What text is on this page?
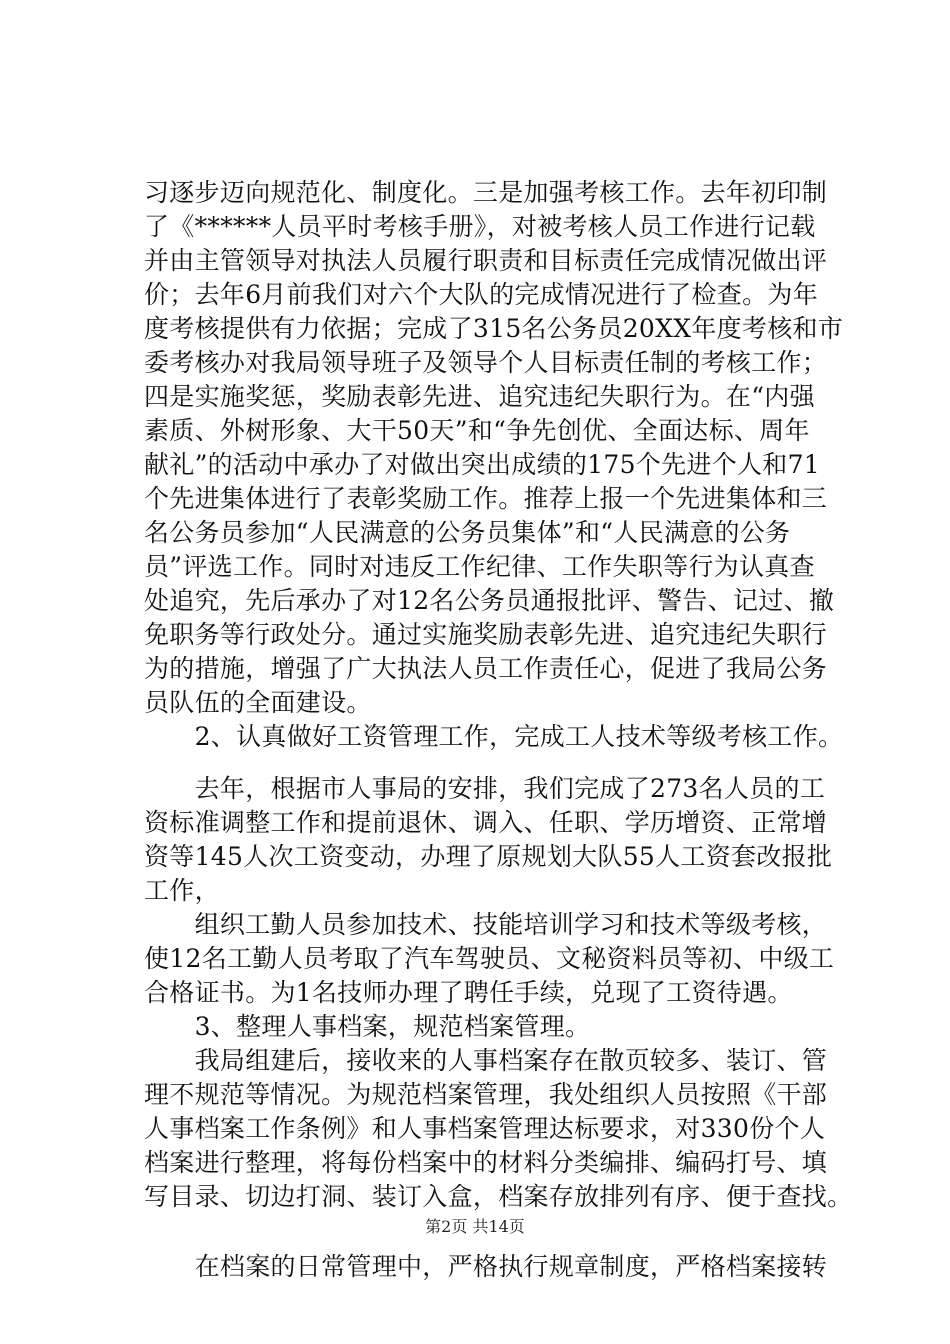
习逐步迈向规范化、制度化。三是加强考核工作。去年初印制
了《******人员平时考核手册》，对被考核人员工作进行记载
并由主管领导对执法人员履行职责和目标责任完成情况做出评
价；去年6月前我们对六个大队的完成情况进行了检查。为年
度考核提供有力依据；完成了315名公务员20XX年度考核和市
委考核办对我局领导班子及领导个人目标责任制的考核工作；
四是实施奖惩，奖励表彰先进、追究违纪失职行为。在“内强
素质、外树形象、大干50天”和“争先创优、全面达标、周年
献礼”的活动中承办了对做出突出成绩的175个先进个人和71
个先进集体进行了表彰奖励工作。推荐上报一个先进集体和三
名公务员参加“人民满意的公务员集体”和“人民满意的公务
员”评选工作。同时对违反工作纪律、工作失职等行为认真查
处追究，先后承办了对12名公务员通报批评、警告、记过、撤
免职务等行政处分。通过实施奖励表彰先进、追究违纪失职行
为的措施，增强了广大执法人员工作责任心，促进了我局公务
员队伍的全面建设。
　　2、认真做好工资管理工作，完成工人技术等级考核工作。
　　去年，根据市人事局的安排，我们完成了273名人员的工
资标准调整工作和提前退休、调入、任职、学历增资、正常增
资等145人次工资变动，办理了原规划大队55人工资套改报批
工作，
　　组织工勤人员参加技术、技能培训学习和技术等级考核，
使12名工勤人员考取了汽车驾驶员、文秘资料员等初、中级工
合格证书。为1名技师办理了聘任手续，兑现了工资待遇。
　　3、整理人事档案，规范档案管理。
　　我局组建后，接收来的人事档案存在散页较多、装订、管
理不规范等情况。为规范档案管理，我处组织人员按照《干部
人事档案工作条例》和人事档案管理达标要求，对330份个人
档案进行整理，将每份档案中的材料分类编排、编码打号、填
写目录、切边打洞、装订入盒，档案存放排列有序、便于查找。
　　在档案的日常管理中，严格执行规章制度，严格档案接转
第2页 共14页
